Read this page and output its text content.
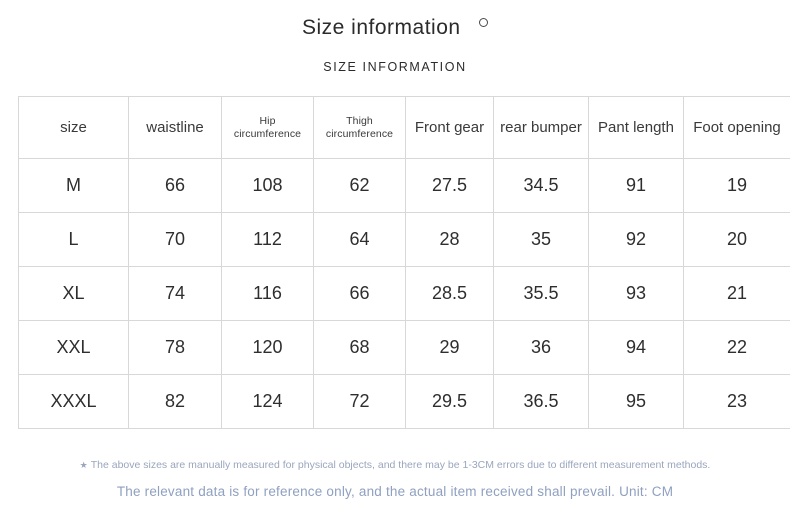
Size information
SIZE INFORMATION
size	waistline	Hip circumference	Thigh circumference	Front gear	rear bumper	Pant length	Foot opening
M	66	108	62	27.5	34.5	91	19
L	70	112	64	28	35	92	20
XL	74	116	66	28.5	35.5	93	21
XXL	78	120	68	29	36	94	22
XXXL	82	124	72	29.5	36.5	95	23
★ The above sizes are manually measured for physical objects, and there may be 1-3CM errors due to different measurement methods.
The relevant data is for reference only, and the actual item received shall prevail. Unit: CM
